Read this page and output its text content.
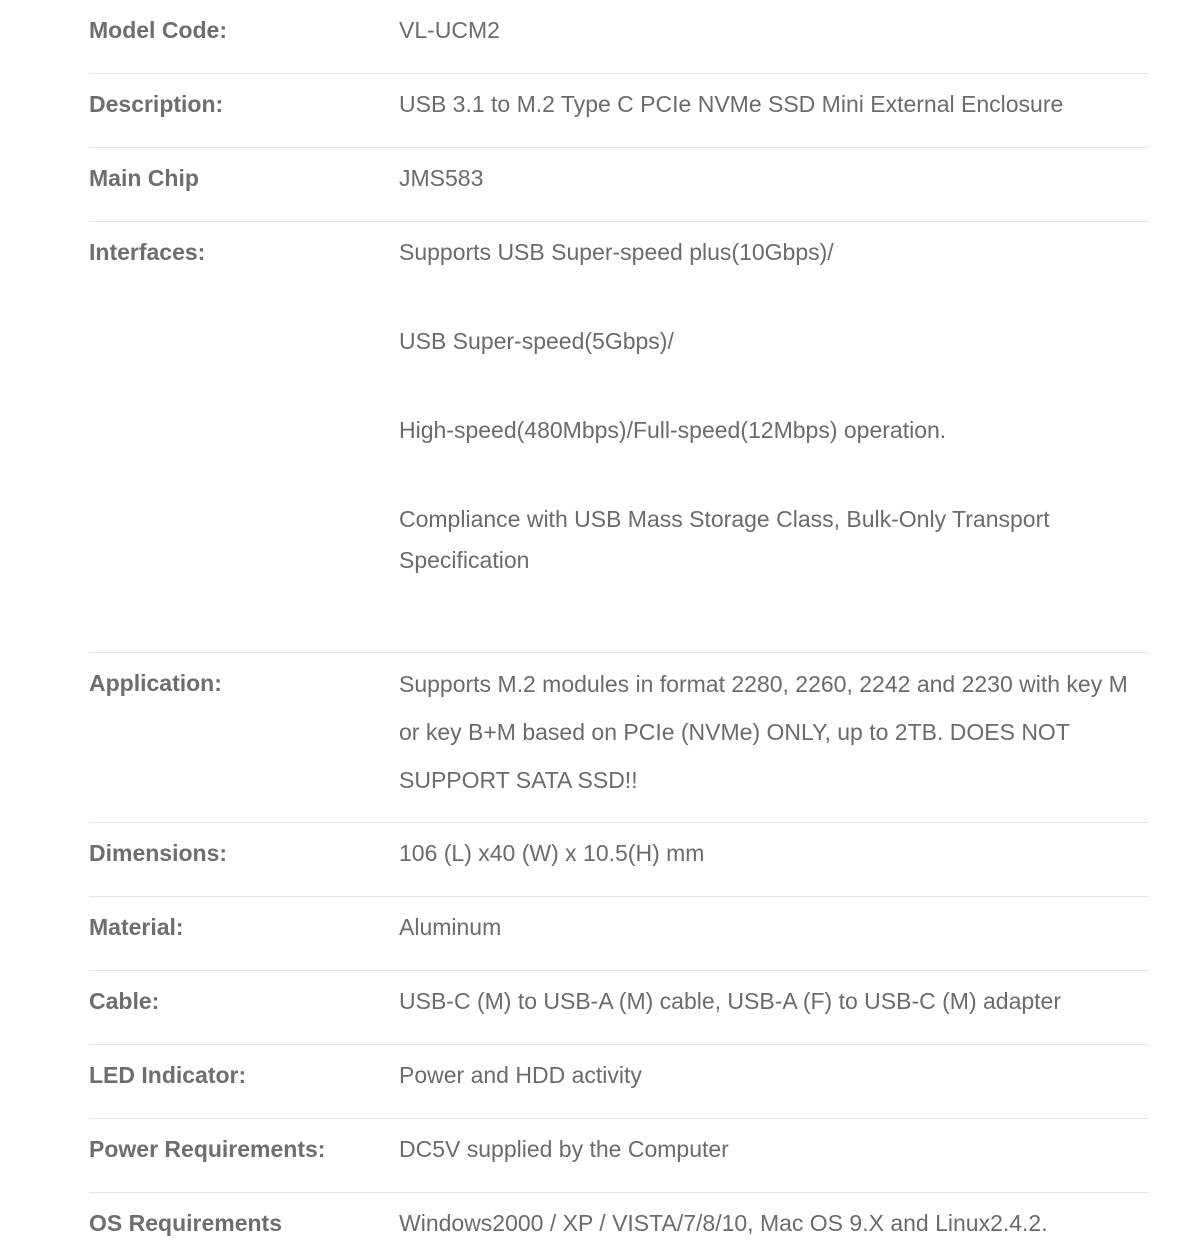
Model Code:	VL-UCM2
Description:	USB 3.1 to M.2 Type C PCIe NVMe SSD Mini External Enclosure
Main Chip	JMS583
Interfaces:	Supports USB Super-speed plus(10Gbps)/
USB Super-speed(5Gbps)/
High-speed(480Mbps)/Full-speed(12Mbps) operation.
Compliance with USB Mass Storage Class, Bulk-Only Transport Specification
Application:	Supports M.2 modules in format 2280, 2260, 2242 and 2230 with key M or key B+M based on PCIe (NVMe) ONLY, up to 2TB. DOES NOT SUPPORT SATA SSD!!
Dimensions:	106 (L) x40 (W) x 10.5(H) mm
Material:	Aluminum
Cable:	USB-C (M) to USB-A (M) cable, USB-A (F) to USB-C (M) adapter
LED Indicator:	Power and HDD activity
Power Requirements:	DC5V supplied by the Computer
OS Requirements	Windows2000 / XP / VISTA/7/8/10, Mac OS 9.X and Linux2.4.2.
